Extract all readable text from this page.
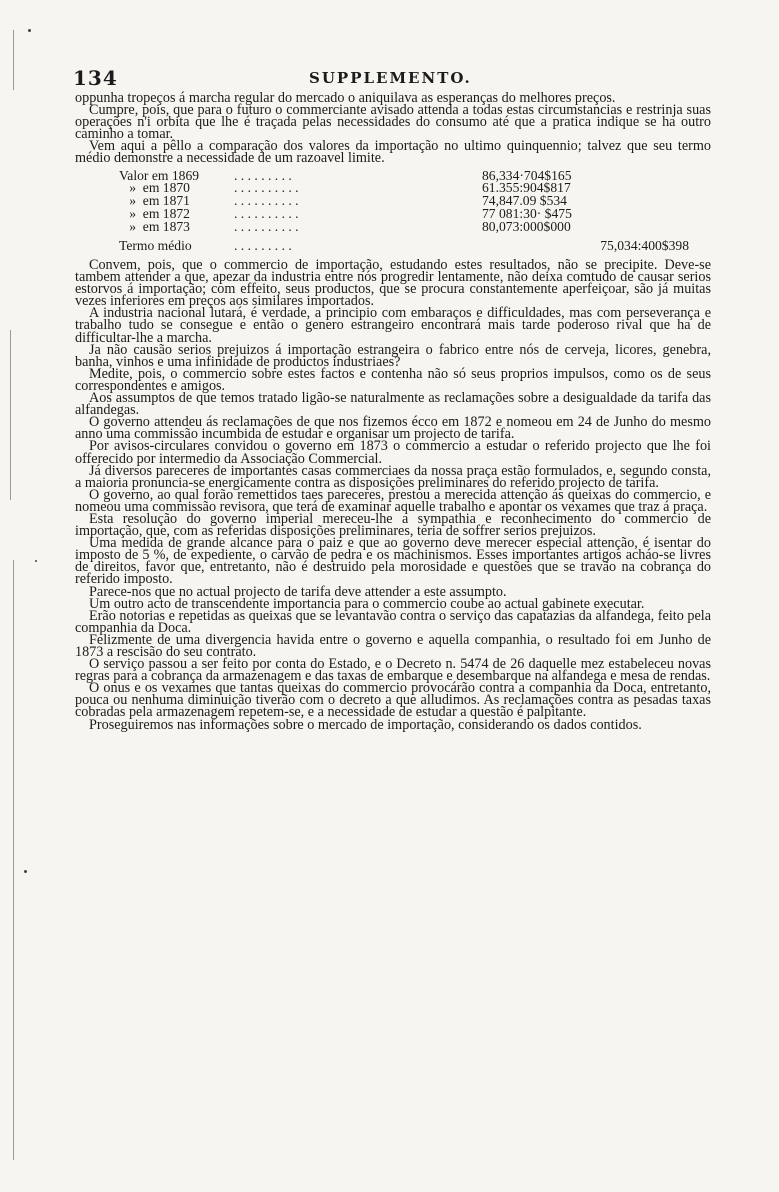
134	SUPPLEMENTO.

oppunha tropeços á marcha regular do mercado o aniquilava as esperanças do melhores preços.

Cumpre, pois, que para o futuro o commerciante avisado attenda a todas estas circumstancias e restrinja suas operações n'i orbita que lhe é traçada pelas necessidades do consumo até que a pratica indique se ha outro caminho a tomar.

Vem aqui a pêllo a comparação dos valores da importação no ultimo quinquennio; talvez que seu termo médio demonstre a necessidade de um razoavel limite.

Valor em 1869	. . . . . . . . .	86,334·704$165
»  em 1870	. . . . . . . . . .	61.355:904$817
»  em 1871	. . . . . . . . . .	74,847.09 $534
»  em 1872	. . . . . . . . . .	77 081:30· $475
»  em 1873	. . . . . . . . . .	80,073:000$000
Termo médio	. . . . . . . . .	75,034:400$398

Convem, pois, que o commercio de importação, estudando estes resultados, não se precipite. Deve-se tambem attender a que, apezar da industria entre nós progredir lentamente, não deixa comtudo de causar serios estorvos á importação; com effeito, seus productos, que se procura constantemente aperfeiçoar, são já muitas vezes inferiores em preços aos similares importados.

A industria nacional lutará, é verdade, a principio com embaraços e difficuldades, mas com perseverança e trabalho tudo se consegue e então o genero estrangeiro encontrará mais tarde poderoso rival que ha de difficultar-lhe a marcha.

Ja não causão serios prejuizos á importação estrangeira o fabrico entre nós de cerveja, licores, genebra, banha, vinhos e uma infinidade de productos industriaes?

Medite, pois, o commercio sobre estes factos e contenha não só seus proprios impulsos, como os de seus correspondentes e amigos.

Aos assumptos de que temos tratado ligão-se naturalmente as reclamações sobre a desigualdade da tarifa das alfandegas.

O governo attendeu ás reclamações de que nos fizemos écco em 1872 e nomeou em 24 de Junho do mesmo anno uma commissão incumbida de estudar e organisar um projecto de tarifa.

Por avisos-circulares convidou o governo em 1873 o commercio a estudar o referido projecto que lhe foi offerecido por intermedio da Associação Commercial.

Já diversos pareceres de importantes casas commerciaes da nossa praça estão formulados, e, segundo consta, a maioria pronuncia-se energicamente contra as disposições preliminares do referido projecto de tarifa.

O governo, ao qual forão remettidos taes pareceres, prestou a merecida attenção ás queixas do commercio, e nomeou uma commissão revisora, que terá de examinar aquelle trabalho e apontar os vexames que traz á praça.

Esta resolução do governo imperial mereceu-lhe a sympathia e reconhecimento do commercio de importação, que, com as referidas disposições preliminares, teria de soffrer serios prejuizos.

Uma medida de grande alcance para o paiz e que ao governo deve merecer especial attenção, é isentar do imposto de 5 %, de expediente, o carvão de pedra e os machinismos. Esses importantes artigos acháo-se livres de direitos, favor que, entretanto, não é destruido pela morosidade e questões que se travão na cobrança do referido imposto.

Parece-nos que no actual projecto de tarifa deve attender a este assumpto.

Um outro acto de transcendente importancia para o commercio coube ao actual gabinete executar.

Erão notorias e repetidas as queixas que se levantavão contra o serviço das capatazias da alfandega, feito pela companhia da Doca.

Felizmente de uma divergencia havida entre o governo e aquella companhia, o resultado foi em Junho de 1873 a rescisão do seu contrato.

O serviço passou a ser feito por conta do Estado, e o Decreto n. 5474 de 26 daquelle mez estabeleceu novas regras para a cobrança da armazenagem e das taxas de embarque e desembarque na alfandega e mesa de rendas.

O onus e os vexames que tantas queixas do commercio provocárão contra a companhia da Doca, entretanto, pouca ou nenhuma diminuição tiverão com o decreto a que alludimos. As reclamações contra as pesadas taxas cobradas pela armazenagem repetem-se, e a necessidade de estudar a questão é palpitante.

Proseguiremos nas informações sobre o mercado de importação, considerando os dados contidos.
